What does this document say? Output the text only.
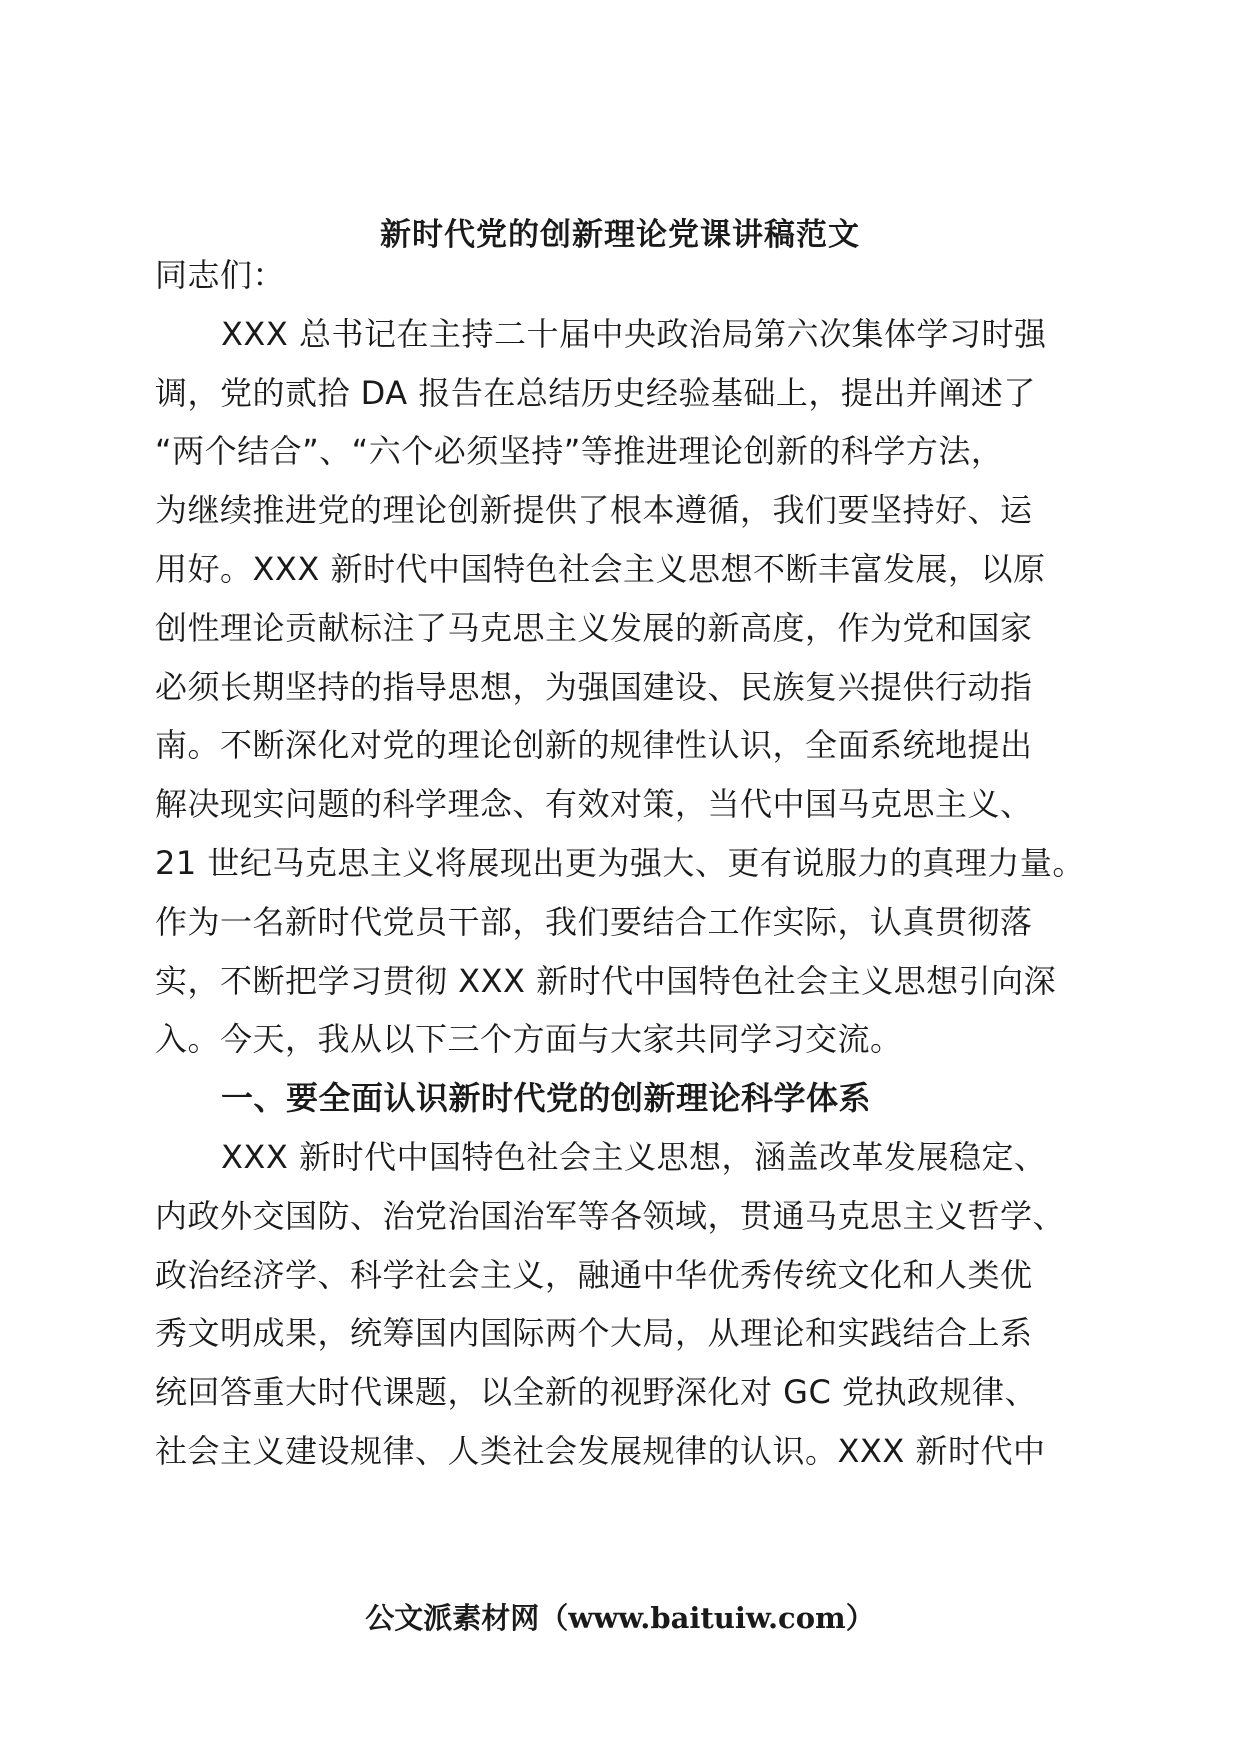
新时代党的创新理论党课讲稿范文
同志们：
XXX 总书记在主持二十届中央政治局第六次集体学习时强
调，党的贰拾 DA 报告在总结历史经验基础上，提出并阐述了
“两个结合”、“六个必须坚持”等推进理论创新的科学方法，
为继续推进党的理论创新提供了根本遵循，我们要坚持好、运
用好。XXX 新时代中国特色社会主义思想不断丰富发展，以原
创性理论贡献标注了马克思主义发展的新高度，作为党和国家
必须长期坚持的指导思想，为强国建设、民族复兴提供行动指
南。不断深化对党的理论创新的规律性认识，全面系统地提出
解决现实问题的科学理念、有效对策，当代中国马克思主义、
21 世纪马克思主义将展现出更为强大、更有说服力的真理力量。
作为一名新时代党员干部，我们要结合工作实际，认真贯彻落
实，不断把学习贯彻 XXX 新时代中国特色社会主义思想引向深
入。今天，我从以下三个方面与大家共同学习交流。
一、要全面认识新时代党的创新理论科学体系
XXX 新时代中国特色社会主义思想，涵盖改革发展稳定、
内政外交国防、治党治国治军等各领域，贯通马克思主义哲学、
政治经济学、科学社会主义，融通中华优秀传统文化和人类优
秀文明成果，统筹国内国际两个大局，从理论和实践结合上系
统回答重大时代课题，以全新的视野深化对 GC 党执政规律、
社会主义建设规律、人类社会发展规律的认识。XXX 新时代中
公文派素材网（www.baituiw.com）
